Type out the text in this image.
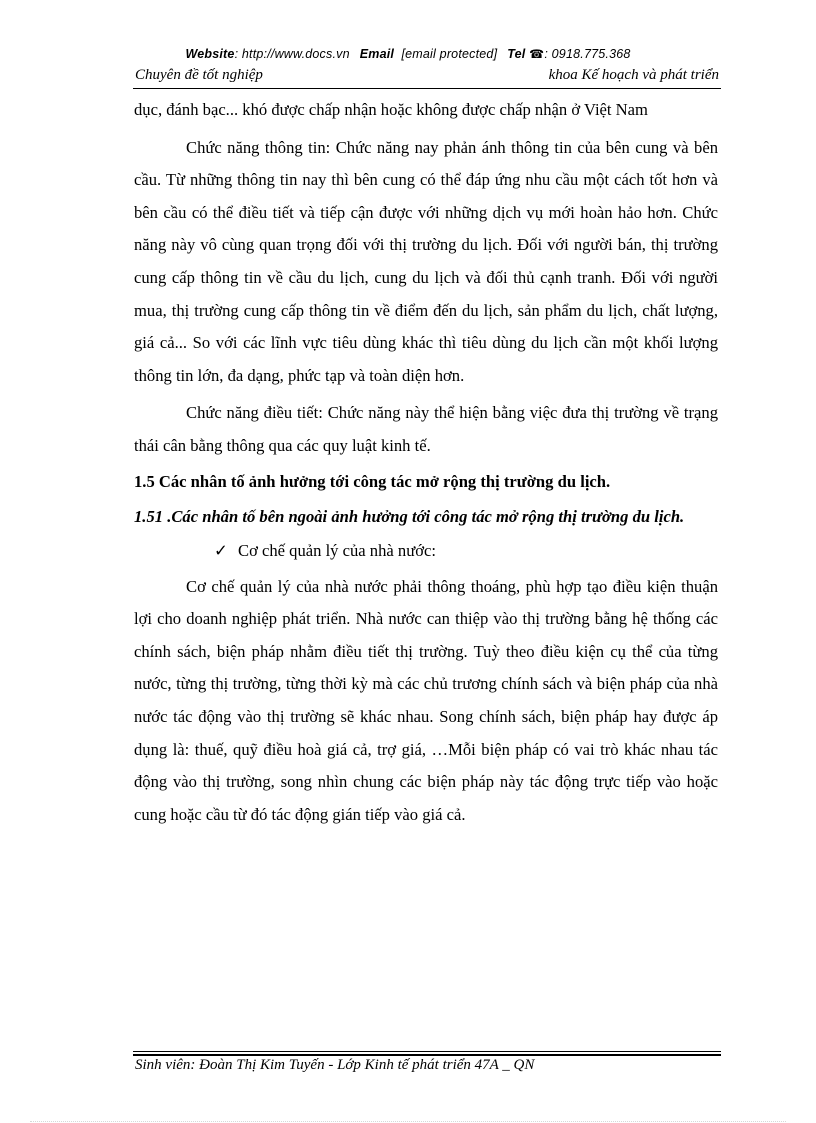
Website: http://www.docs.vn Email [email protected] Tel ☎: 0918.775.368
Chuyên đề tốt nghiệp	khoa Kế hoạch và phát triển

dục, đánh bạc... khó được chấp nhận hoặc không được chấp nhận ở Việt Nam

Chức năng thông tin: Chức năng nay phản ánh thông tin của bên cung và bên cầu. Từ những thông tin nay thì bên cung có thể đáp ứng nhu cầu một cách tốt hơn và bên cầu có thể điều tiết và tiếp cận được với những dịch vụ mới hoàn hảo hơn. Chức năng này vô cùng quan trọng đối với thị trường du lịch. Đối với người bán, thị trường cung cấp thông tin về cầu du lịch, cung du lịch và đối thủ cạnh tranh. Đối với người mua, thị trường cung cấp thông tin về điểm đến du lịch, sản phẩm du lịch, chất lượng, giá cả... So với các lĩnh vực tiêu dùng khác thì tiêu dùng du lịch cần một khối lượng thông tin lớn, đa dạng, phức tạp và toàn diện hơn.

Chức năng điều tiết: Chức năng này thể hiện bằng việc đưa thị trường về trạng thái cân bằng thông qua các quy luật kinh tế.

1.5 Các nhân tố ảnh hưởng tới công tác mở rộng thị trường du lịch.

1.51 .Các nhân tố bên ngoài ảnh hưởng tới công tác mở rộng thị trường du lịch.

✓ Cơ chế quản lý của nhà nước:

Cơ chế quản lý của nhà nước phải thông thoáng, phù hợp tạo điều kiện thuận lợi cho doanh nghiệp phát triển. Nhà nước can thiệp vào thị trường bằng hệ thống các chính sách, biện pháp nhằm điều tiết thị trường. Tuỳ theo điều kiện cụ thể của từng nước, từng thị trường, từng thời kỳ mà các chủ trương chính sách và biện pháp của nhà nước tác động vào thị trường sẽ khác nhau. Song chính sách, biện pháp hay được áp dụng là: thuế, quỹ điều hoà giá cả, trợ giá, …Mỗi biện pháp có vai trò khác nhau tác động vào thị trường, song nhìn chung các biện pháp này tác động trực tiếp vào hoặc cung hoặc cầu từ đó tác động gián tiếp vào giá cả.

Sinh viên: Đoàn Thị Kim Tuyến - Lớp Kinh tế phát triển 47A _ QN
